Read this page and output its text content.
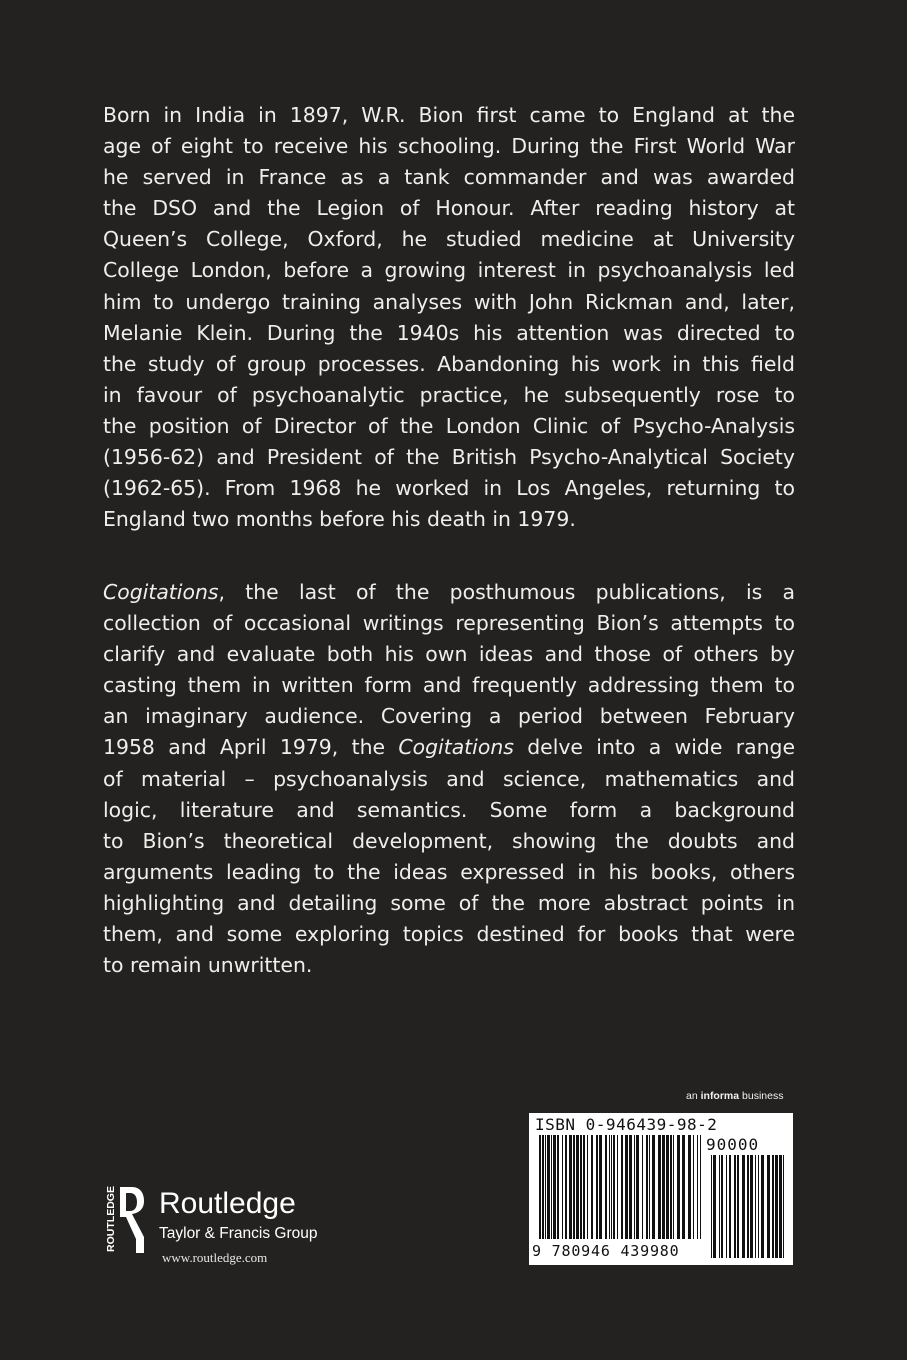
Born in India in 1897, W.R. Bion first came to England at the
age of eight to receive his schooling. During the First World War
he served in France as a tank commander and was awarded
the DSO and the Legion of Honour. After reading history at
Queen’s College, Oxford, he studied medicine at University
College London, before a growing interest in psychoanalysis led
him to undergo training analyses with John Rickman and, later,
Melanie Klein. During the 1940s his attention was directed to
the study of group processes. Abandoning his work in this field
in favour of psychoanalytic practice, he subsequently rose to
the position of Director of the London Clinic of Psycho-Analysis
(1956-62) and President of the British Psycho-Analytical Society
(1962-65). From 1968 he worked in Los Angeles, returning to
England two months before his death in 1979.
Cogitations, the last of the posthumous publications, is a
collection of occasional writings representing Bion’s attempts to
clarify and evaluate both his own ideas and those of others by
casting them in written form and frequently addressing them to
an imaginary audience. Covering a period between February
1958 and April 1979, the Cogitations delve into a wide range
of material – psychoanalysis and science, mathematics and
logic, literature and semantics. Some form a background
to Bion’s theoretical development, showing the doubts and
arguments leading to the ideas expressed in his books, others
highlighting and detailing some of the more abstract points in
them, and some exploring topics destined for books that were
to remain unwritten.
an informa business
ISBN 0-946439-98-2
90000
9 780946 439980
ROUTLEDGE Routledge
Taylor & Francis Group
www.routledge.com
